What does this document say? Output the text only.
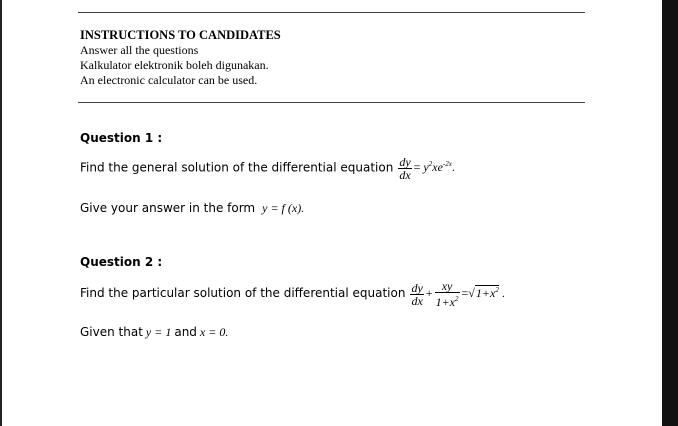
INSTRUCTIONS TO CANDIDATES
Answer all the questions
Kalkulator elektronik boleh digunakan.
An electronic calculator can be used.
Question 1 :
Find the general solution of the differential equation $\frac{dy}{dx} = y^2xe^{-2x}$.
Give your answer in the form y = f (x).
Question 2 :
Find the particular solution of the differential equation $\frac{dy}{dx} + \frac{xy}{1+x^2} =√1+x^2$ .
Given that y = 1 and x = 0.
